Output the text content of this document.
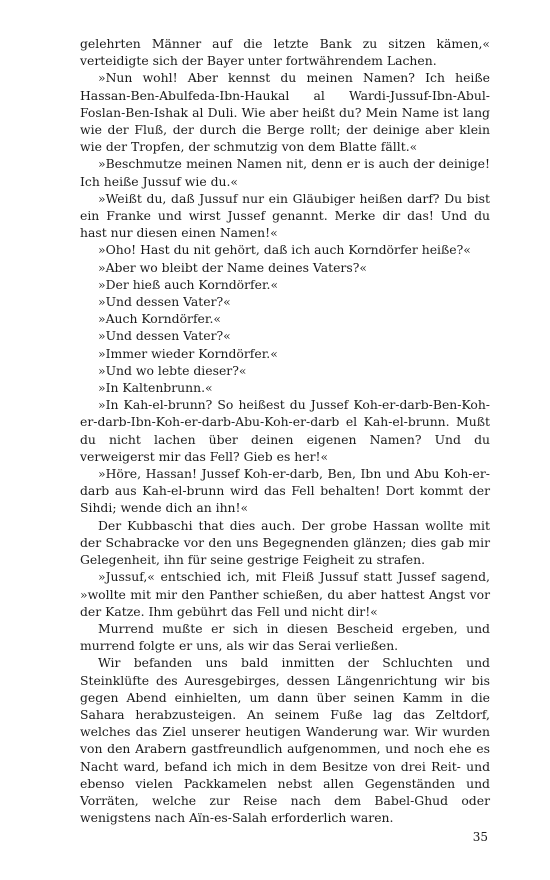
gelehrten Männer auf die letzte Bank zu sitzen kämen,« verteidigte sich der Bayer unter fortwährendem Lachen.

»Nun wohl! Aber kennst du meinen Namen? Ich heiße Hassan-Ben-Abulfeda-Ibn-Haukal al Wardi-Jussuf-Ibn-Abul-Foslan-Ben-Ishak al Duli. Wie aber heißt du? Mein Name ist lang wie der Fluß, der durch die Berge rollt; der deinige aber klein wie der Tropfen, der schmutzig von dem Blatte fällt.«

»Beschmutze meinen Namen nit, denn er is auch der deinige! Ich heiße Jussuf wie du.«

»Weißt du, daß Jussuf nur ein Gläubiger heißen darf? Du bist ein Franke und wirst Jussef genannt. Merke dir das! Und du hast nur diesen einen Namen!«

»Oho! Hast du nit gehört, daß ich auch Korndörfer heiße?«

»Aber wo bleibt der Name deines Vaters?«

»Der hieß auch Korndörfer.«

»Und dessen Vater?«

»Auch Korndörfer.«

»Und dessen Vater?«

»Immer wieder Korndörfer.«

»Und wo lebte dieser?«

»In Kaltenbrunn.«

»In Kah-el-brunn? So heißest du Jussef Koh-er-darb-Ben-Koh-er-darb-Ibn-Koh-er-darb-Abu-Koh-er-darb el Kah-el-brunn. Mußt du nicht lachen über deinen eigenen Namen? Und du verweigerst mir das Fell? Gieb es her!«

»Höre, Hassan! Jussef Koh-er-darb, Ben, Ibn und Abu Koh-er-darb aus Kah-el-brunn wird das Fell behalten! Dort kommt der Sihdi; wende dich an ihn!«

Der Kubbaschi that dies auch. Der grobe Hassan wollte mit der Schabracke vor den uns Begegnenden glänzen; dies gab mir Gelegenheit, ihn für seine gestrige Feigheit zu strafen.

»Jussuf,« entschied ich, mit Fleiß Jussuf statt Jussef sagend, »wollte mit mir den Panther schießen, du aber hattest Angst vor der Katze. Ihm gebührt das Fell und nicht dir!«

Murrend mußte er sich in diesen Bescheid ergeben, und murrend folgte er uns, als wir das Serai verließen.

Wir befanden uns bald inmitten der Schluchten und Steinklüfte des Auresgebirges, dessen Längenrichtung wir bis gegen Abend einhielten, um dann über seinen Kamm in die Sahara herabzusteigen. An seinem Fuße lag das Zeltdorf, welches das Ziel unserer heutigen Wanderung war. Wir wurden von den Arabern gastfreundlich aufgenommen, und noch ehe es Nacht ward, befand ich mich in dem Besitze von drei Reit- und ebenso vielen Packkamelen nebst allen Gegenständen und Vorräten, welche zur Reise nach dem Babel-Ghud oder wenigstens nach Aïn-es-Salah erforderlich waren.

35
